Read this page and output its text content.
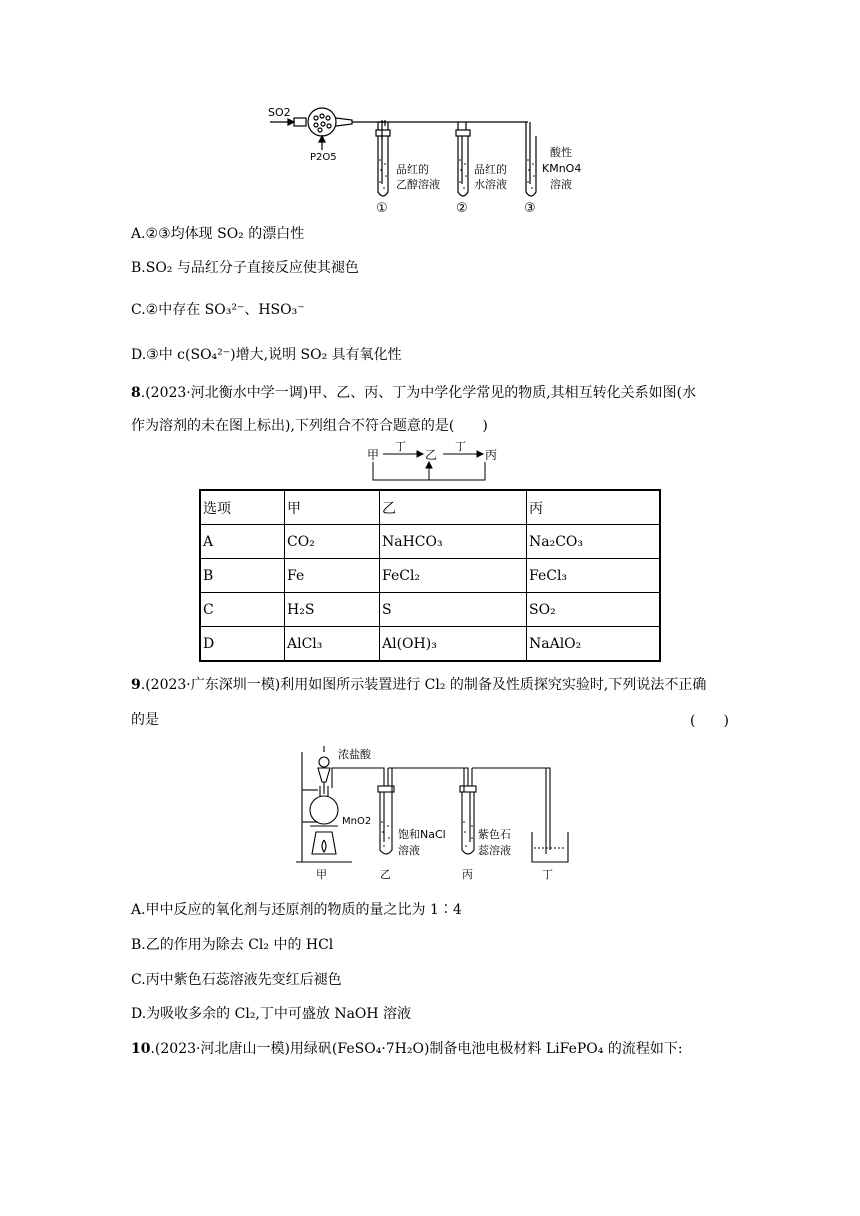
SO2
P2O5
品红的
乙醇溶液
品红的
水溶液
酸性
KMnO4
溶液
①	②	③
A.②③均体现 SO₂ 的漂白性
B.SO₂ 与品红分子直接反应使其褪色
C.②中存在 SO₃²⁻、HSO₃⁻
D.③中 c(SO₄²⁻)增大,说明 SO₂ 具有氧化性
8.(2023·河北衡水中学一调)甲、乙、丙、丁为中学化学常见的物质,其相互转化关系如图(水
作为溶剂的未在图上标出),下列组合不符合题意的是(　　)
甲	乙	丙
丁	丁
选项	甲	乙	丙
A	CO₂	NaHCO₃	Na₂CO₃
B	Fe	FeCl₂	FeCl₃
C	H₂S	S	SO₂
D	AlCl₃	Al(OH)₃	NaAlO₂
9.(2023·广东深圳一模)利用如图所示装置进行 Cl₂ 的制备及性质探究实验时,下列说法不正确
的是	(　　)
浓盐酸
MnO2
饱和NaCl
溶液
紫色石
蕊溶液
甲	乙	丙	丁
A.甲中反应的氧化剂与还原剂的物质的量之比为 1∶4
B.乙的作用为除去 Cl₂ 中的 HCl
C.丙中紫色石蕊溶液先变红后褪色
D.为吸收多余的 Cl₂,丁中可盛放 NaOH 溶液
10.(2023·河北唐山一模)用绿矾(FeSO₄·7H₂O)制备电池电极材料 LiFePO₄ 的流程如下:
